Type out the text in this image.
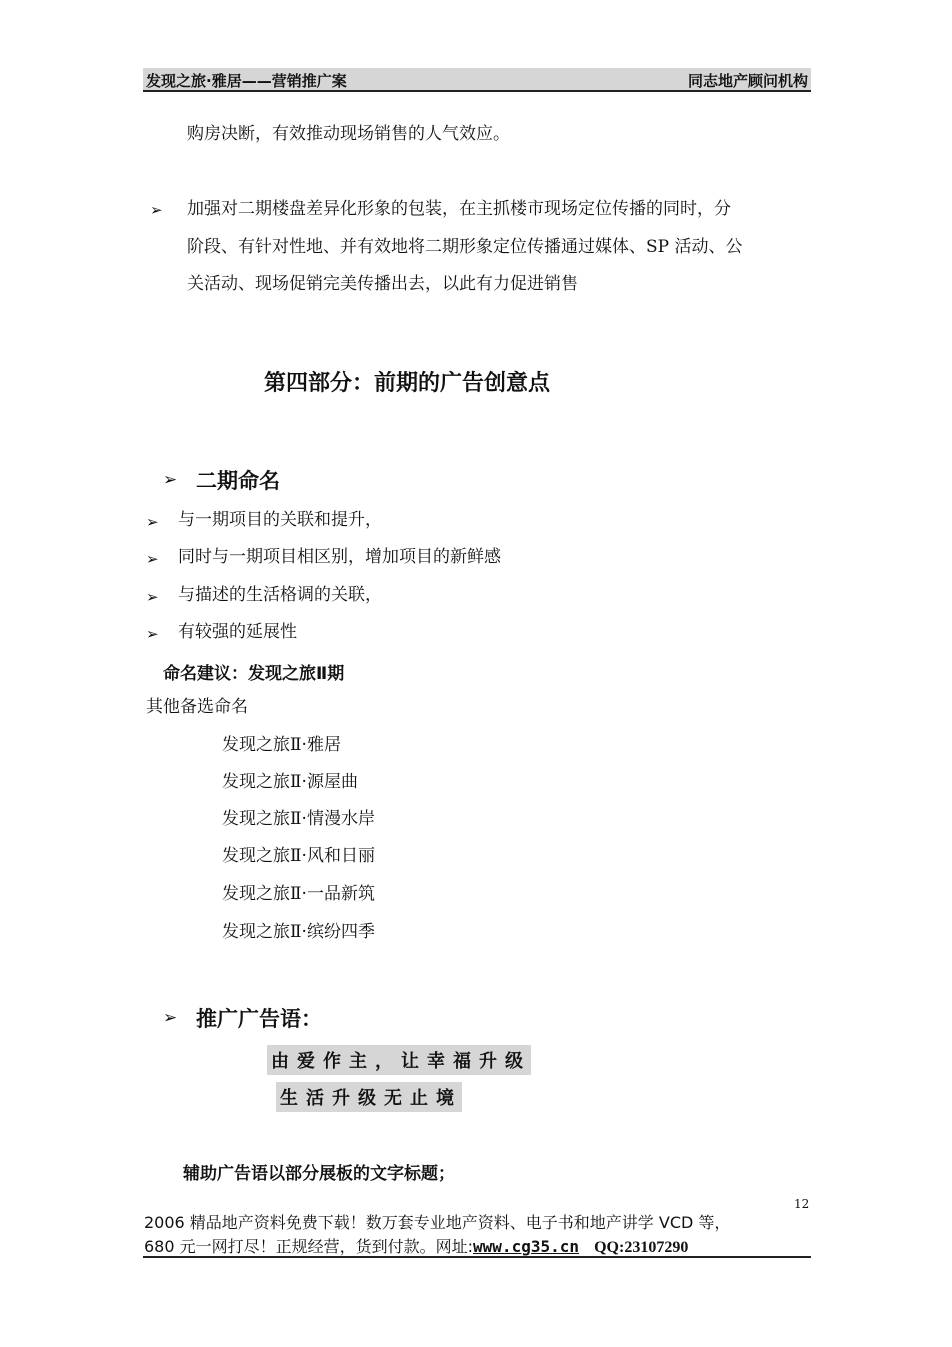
发现之旅·雅居——营销推广案	同志地产顾问机构
购房决断，有效推动现场销售的人气效应。
➢ 加强对二期楼盘差异化形象的包装，在主抓楼市现场定位传播的同时，分
阶段、有针对性地、并有效地将二期形象定位传播通过媒体、SP 活动、公
关活动、现场促销完美传播出去，以此有力促进销售
第四部分：前期的广告创意点
➢ 二期命名
➢ 与一期项目的关联和提升，
➢ 同时与一期项目相区别，增加项目的新鲜感
➢ 与描述的生活格调的关联，
➢ 有较强的延展性
命名建议：发现之旅Ⅱ期
其他备选命名
发现之旅Ⅱ·雅居
发现之旅Ⅱ·源屋曲
发现之旅Ⅱ·情漫水岸
发现之旅Ⅱ·风和日丽
发现之旅Ⅱ·一品新筑
发现之旅Ⅱ·缤纷四季
➢ 推广广告语：
由爱作主，让幸福升级
生活升级无止境
辅助广告语以部分展板的文字标题；
12
2006 精品地产资料免费下载！数万套专业地产资料、电子书和地产讲学 VCD 等，
680 元一网打尽！正规经营，货到付款。网址:www.cg35.cn QQ:23107290
